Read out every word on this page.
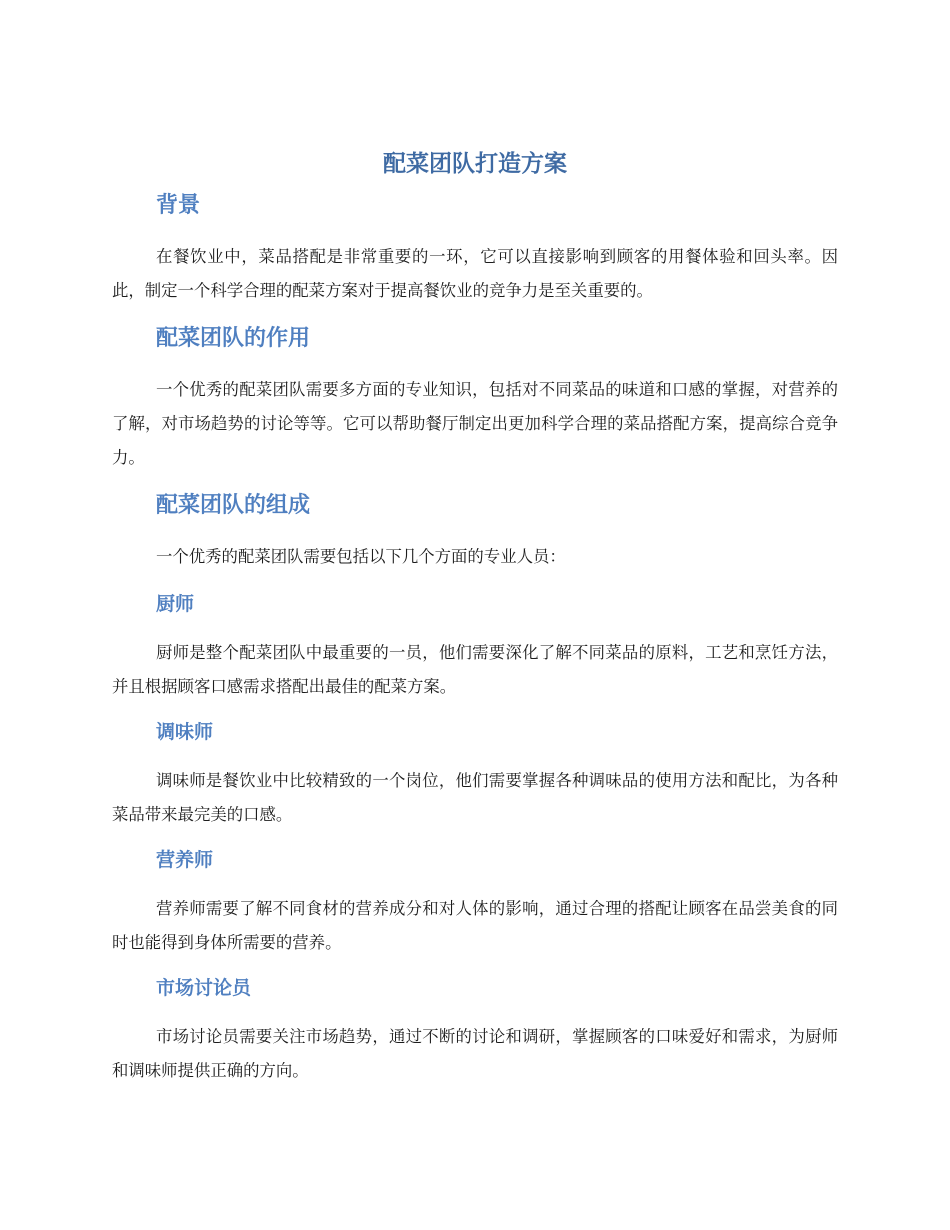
配菜团队打造方案
背景

在餐饮业中，菜品搭配是非常重要的一环，它可以直接影响到顾客的用餐体验和回头率。因此，制定一个科学合理的配菜方案对于提高餐饮业的竞争力是至关重要的。

配菜团队的作用

一个优秀的配菜团队需要多方面的专业知识，包括对不同菜品的味道和口感的掌握，对营养的了解，对市场趋势的讨论等等。它可以帮助餐厅制定出更加科学合理的菜品搭配方案，提高综合竞争力。

配菜团队的组成

一个优秀的配菜团队需要包括以下几个方面的专业人员：

厨师

厨师是整个配菜团队中最重要的一员，他们需要深化了解不同菜品的原料，工艺和烹饪方法，并且根据顾客口感需求搭配出最佳的配菜方案。

调味师

调味师是餐饮业中比较精致的一个岗位，他们需要掌握各种调味品的使用方法和配比，为各种菜品带来最完美的口感。

营养师

营养师需要了解不同食材的营养成分和对人体的影响，通过合理的搭配让顾客在品尝美食的同时也能得到身体所需要的营养。

市场讨论员

市场讨论员需要关注市场趋势，通过不断的讨论和调研，掌握顾客的口味爱好和需求，为厨师和调味师提供正确的方向。
